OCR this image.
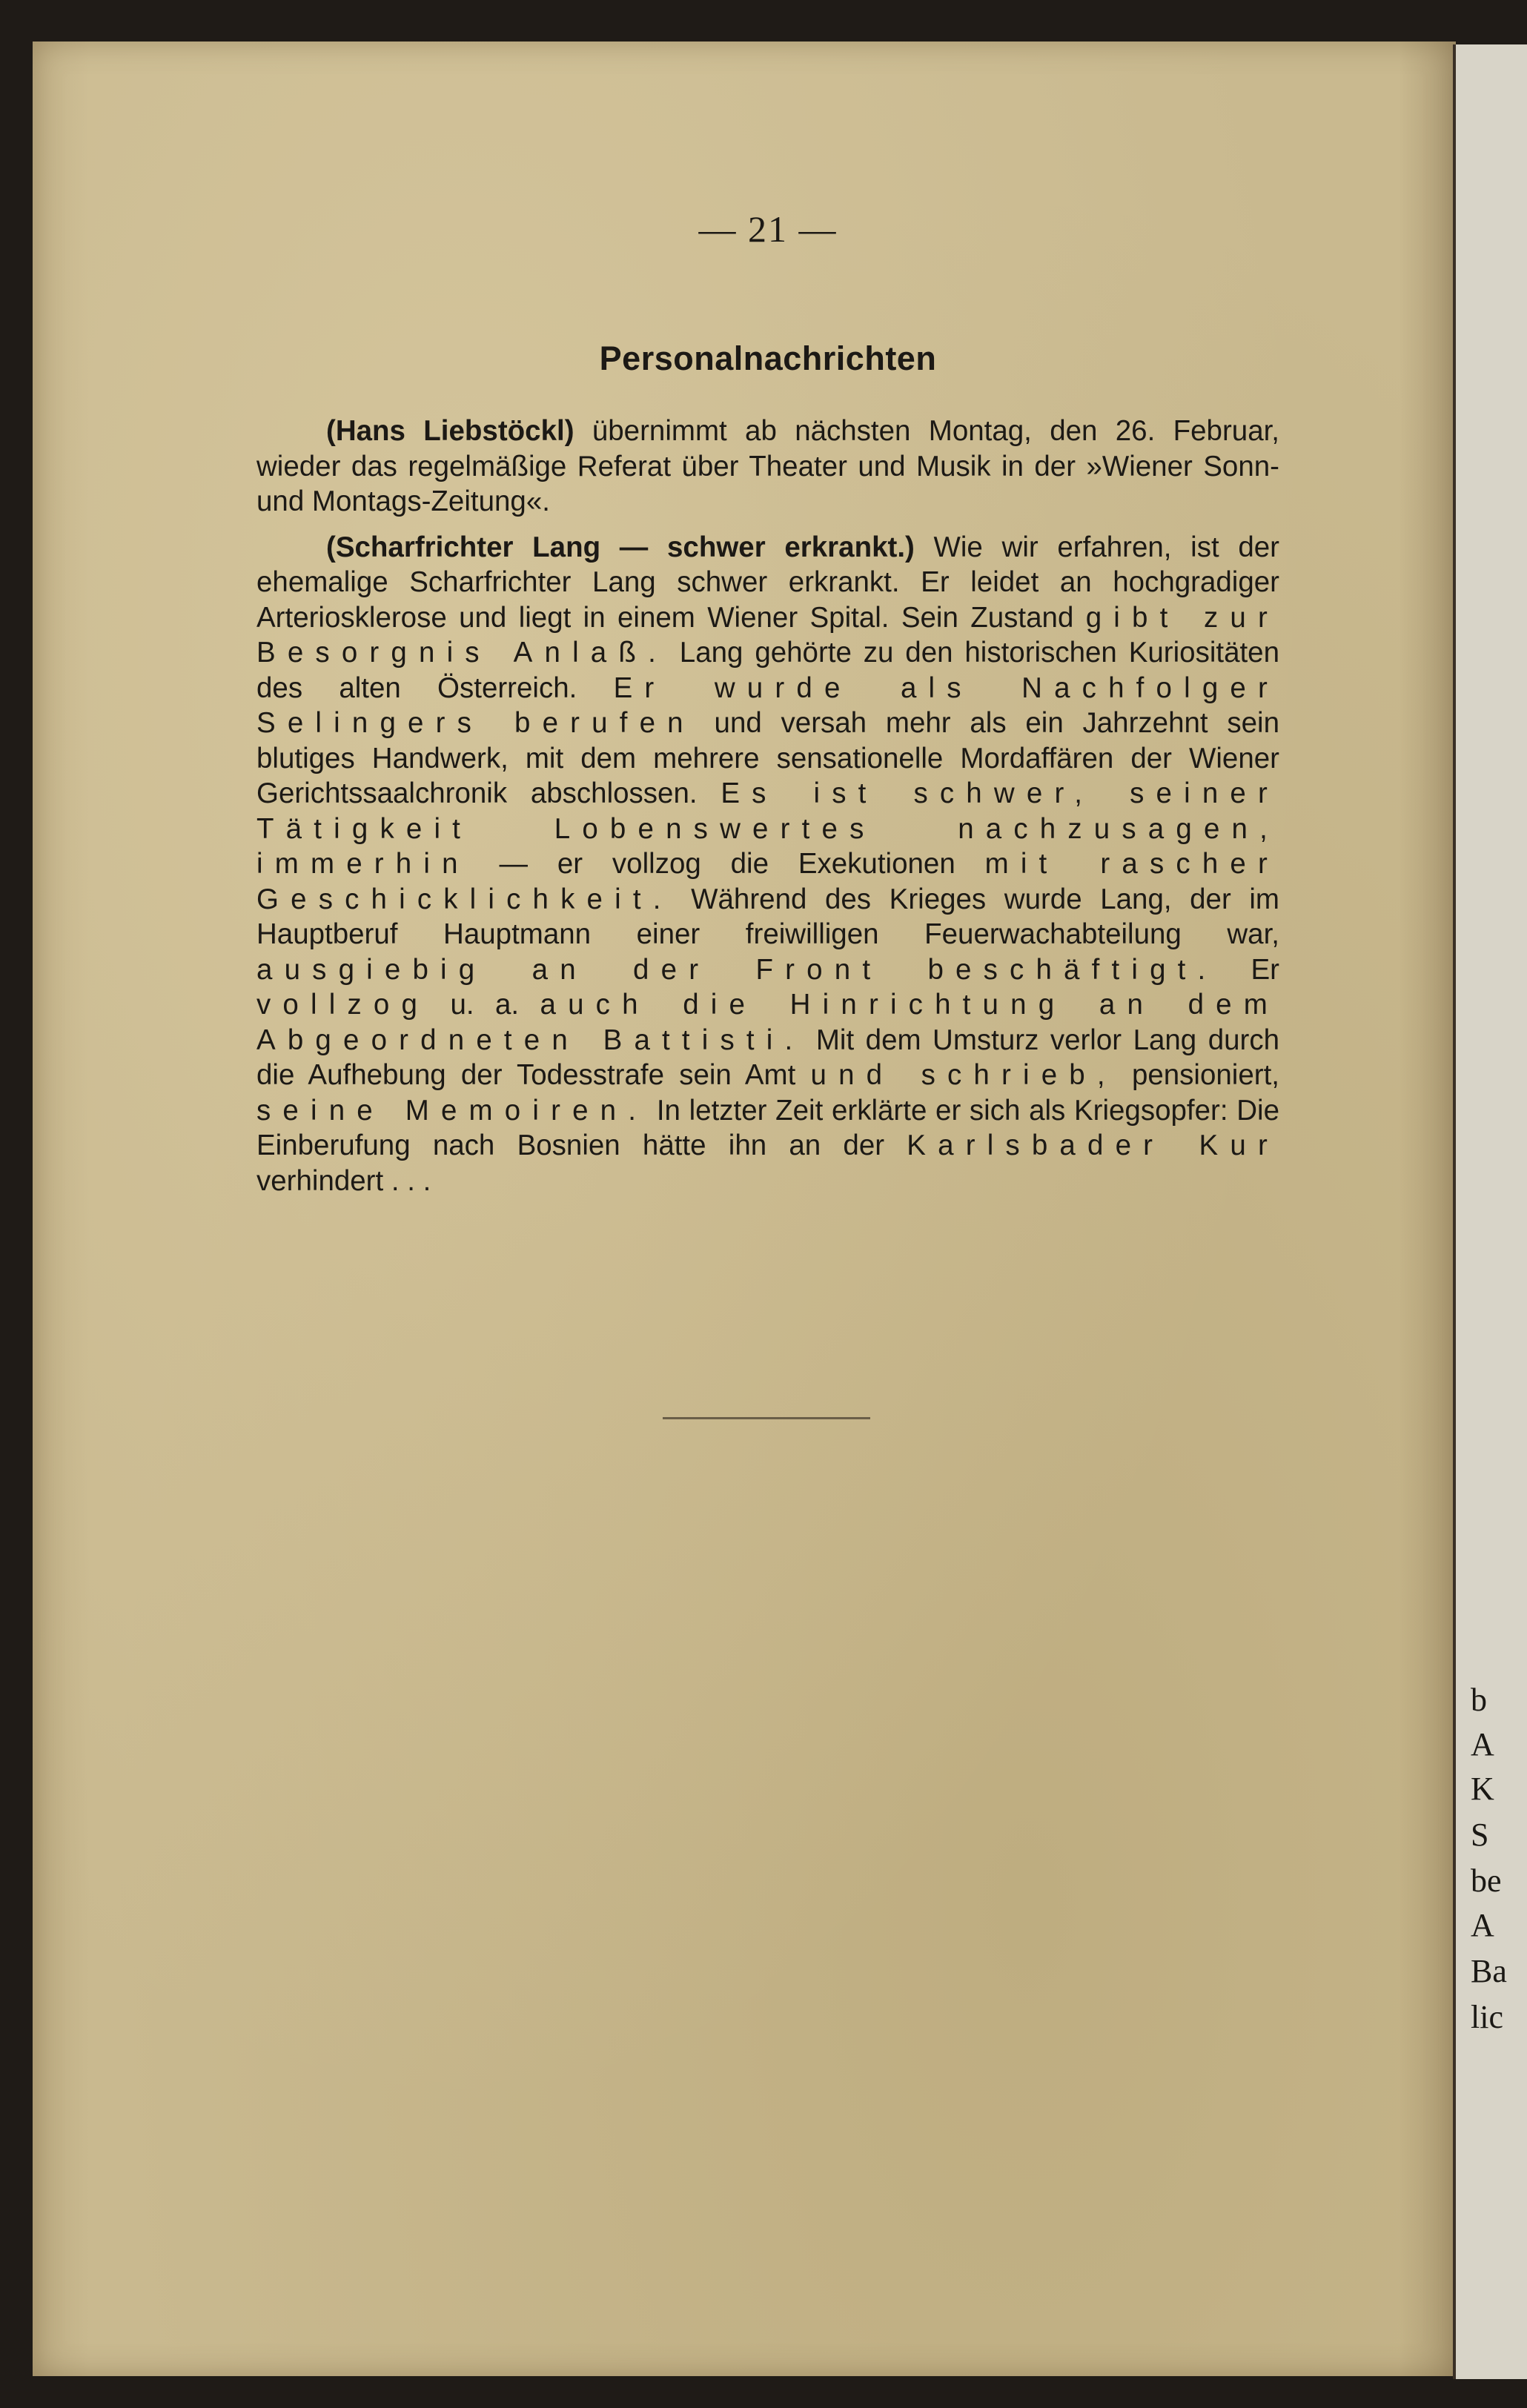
b
A
K
S
be
A
Ba
lic
— 21 —
Personalnachrichten

(Hans Liebstöckl) übernimmt ab nächsten Montag, den 26. Februar, wieder das regelmäßige Referat über Theater und Musik in der »Wiener Sonn- und Montags-Zeitung«.

(Scharfrichter Lang — schwer erkrankt.) Wie wir erfahren, ist der ehemalige Scharfrichter Lang schwer erkrankt. Er leidet an hochgradiger Arteriosklerose und liegt in einem Wiener Spital. Sein Zustand gibt zur Besorgnis Anlaß. Lang gehörte zu den historischen Kuriositäten des alten Österreich. Er wurde als Nachfolger Selingers berufen und versah mehr als ein Jahrzehnt sein blutiges Handwerk, mit dem mehrere sensationelle Mordaffären der Wiener Gerichtssaalchronik abschlossen. Es ist schwer, seiner Tätigkeit Lobenswertes nachzusagen, immerhin — er vollzog die Exekutionen mit rascher Geschicklichkeit. Während des Krieges wurde Lang, der im Hauptberuf Hauptmann einer freiwilligen Feuerwachabteilung war, ausgiebig an der Front beschäftigt. Er vollzog u. a. auch die Hinrichtung an dem Abgeordneten Battisti. Mit dem Umsturz verlor Lang durch die Aufhebung der Todesstrafe sein Amt und schrieb, pensioniert, seine Memoiren. In letzter Zeit erklärte er sich als Kriegsopfer: Die Einberufung nach Bosnien hätte ihn an der Karlsbader Kur verhindert . . .
